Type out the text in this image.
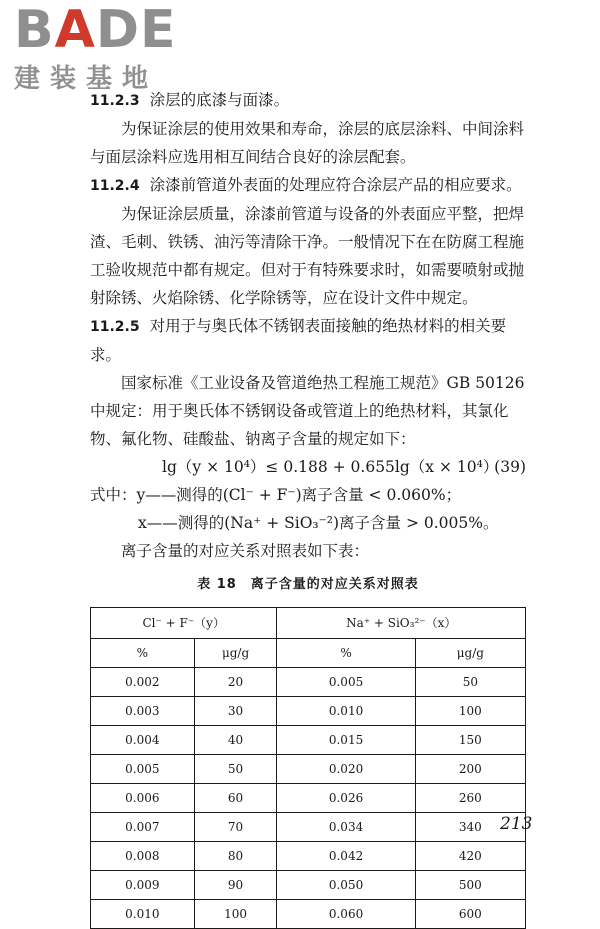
BADE
建装基地

11.2.3 涂层的底漆与面漆。

为保证涂层的使用效果和寿命，涂层的底层涂料、中间涂料与面层涂料应选用相互间结合良好的涂层配套。

11.2.4 涂漆前管道外表面的处理应符合涂层产品的相应要求。

为保证涂层质量，涂漆前管道与设备的外表面应平整，把焊渣、毛刺、铁锈、油污等清除干净。一般情况下在在防腐工程施工验收规范中都有规定。但对于有特殊要求时，如需要喷射或抛射除锈、火焰除锈、化学除锈等，应在设计文件中规定。

11.2.5 对用于与奥氏体不锈钢表面接触的绝热材料的相关要求。

国家标准《工业设备及管道绝热工程施工规范》GB 50126中规定：用于奥氏体不锈钢设备或管道上的绝热材料，其氯化物、氟化物、硅酸盐、钠离子含量的规定如下：

lg（y × 10⁴）≤ 0.188 + 0.655lg（x × 10⁴）
(39)
式中：y——测得的(Cl⁻ + F⁻)离子含量 < 0.060%；
x——测得的(Na⁺ + SiO₃⁻²)离子含量 > 0.005%。

离子含量的对应关系对照表如下表：

表 18　离子含量的对应关系对照表
Cl⁻ + F⁻（y）		Na⁺ + SiO₃²⁻（x）	
%	μg/g	%	μg/g
0.002	20	0.005	50
0.003	30	0.010	100
0.004	40	0.015	150
0.005	50	0.020	200
0.006	60	0.026	260
0.007	70	0.034	340
0.008	80	0.042	420
0.009	90	0.050	500
0.010	100	0.060	600
213
